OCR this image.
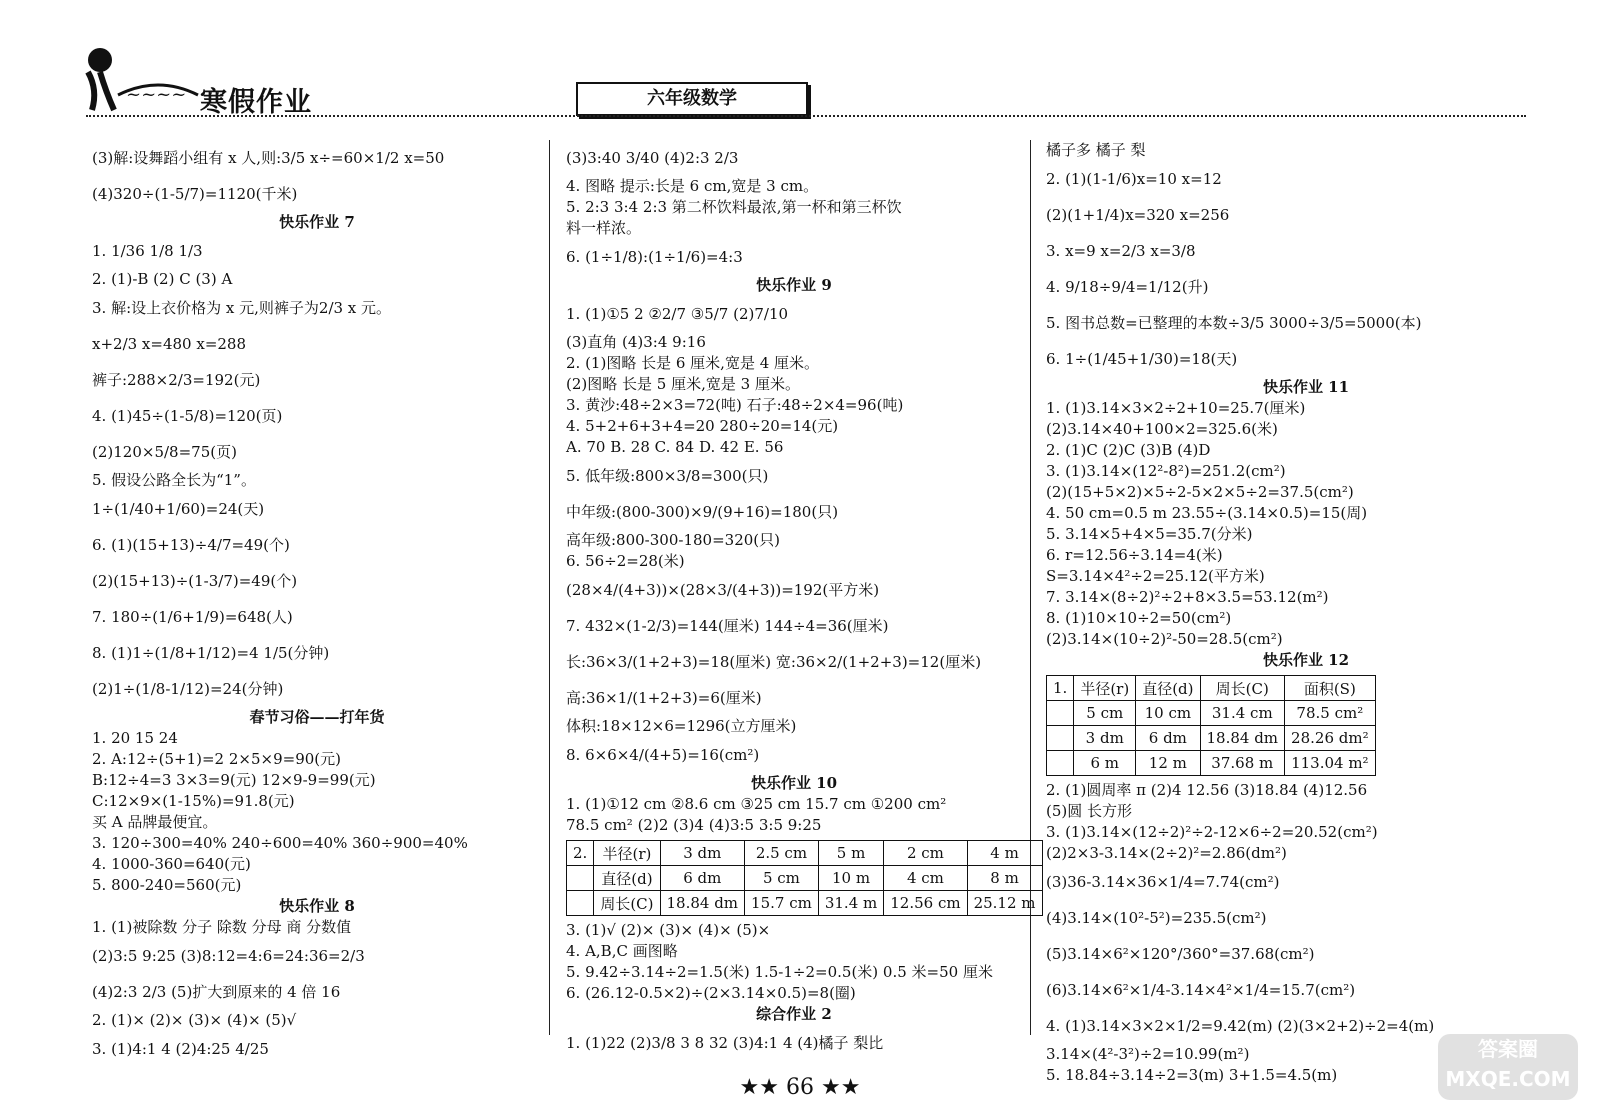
~~~~ 寒假作业	六年级数学
(3)解:设舞蹈小组有 x 人,则:3/5 x÷=60×1/2 x=50
(4)320÷(1-5/7)=1120(千米)
快乐作业 7
1. 1/36 1/8 1/3
2. (1)-B (2) C (3) A
3. 解:设上衣价格为 x 元,则裤子为2/3 x 元。
x+2/3 x=480 x=288
裤子:288×2/3=192(元)
4. (1)45÷(1-5/8)=120(页)
(2)120×5/8=75(页)
5. 假设公路全长为“1”。
1÷(1/40+1/60)=24(天)
6. (1)(15+13)÷4/7=49(个)
(2)(15+13)÷(1-3/7)=49(个)
7. 180÷(1/6+1/9)=648(人)
8. (1)1÷(1/8+1/12)=4 1/5(分钟)
(2)1÷(1/8-1/12)=24(分钟)
春节习俗——打年货
1. 20 15 24
2. A:12÷(5+1)=2 2×5×9=90(元)
B:12÷4=3 3×3=9(元) 12×9-9=99(元)
C:12×9×(1-15%)=91.8(元)
买 A 品牌最便宜。
3. 120÷300=40% 240÷600=40% 360÷900=40%
4. 1000-360=640(元)
5. 800-240=560(元)
快乐作业 8
1. (1)被除数 分子 除数 分母 商 分数值
(2)3:5 9:25 (3)8:12=4:6=24:36=2/3
(4)2:3 2/3 (5)扩大到原来的 4 倍 16
2. (1)× (2)× (3)× (4)× (5)√
3. (1)4:1 4 (2)4:25 4/25
(3)3:40 3/40 (4)2:3 2/3
4. 图略 提示:长是 6 cm,宽是 3 cm。
5. 2:3 3:4 2:3 第二杯饮料最浓,第一杯和第三杯饮
料一样浓。
6. (1÷1/8):(1÷1/6)=4:3
快乐作业 9
1. (1)①5 2 ②2/7 ③5/7 (2)7/10
(3)直角 (4)3:4 9:16
2. (1)图略 长是 6 厘米,宽是 4 厘米。
(2)图略 长是 5 厘米,宽是 3 厘米。
3. 黄沙:48÷2×3=72(吨) 石子:48÷2×4=96(吨)
4. 5+2+6+3+4=20 280÷20=14(元)
A. 70 B. 28 C. 84 D. 42 E. 56
5. 低年级:800×3/8=300(只)
中年级:(800-300)×9/(9+16)=180(只)
高年级:800-300-180=320(只)
6. 56÷2=28(米)
(28×4/(4+3))×(28×3/(4+3))=192(平方米)
7. 432×(1-2/3)=144(厘米) 144÷4=36(厘米)
长:36×3/(1+2+3)=18(厘米) 宽:36×2/(1+2+3)=12(厘米)
高:36×1/(1+2+3)=6(厘米)
体积:18×12×6=1296(立方厘米)
8. 6×6×4/(4+5)=16(cm²)
快乐作业 10
1. (1)①12 cm ②8.6 cm ③25 cm 15.7 cm ①200 cm²
78.5 cm² (2)2 (3)4 (4)3:5 3:5 9:25
2.	半径(r)	3 dm	2.5 cm	5 m	2 cm	4 m
	直径(d)	6 dm	5 cm	10 m	4 cm	8 m
	周长(C)	18.84 dm	15.7 cm	31.4 m	12.56 cm	25.12 m
3. (1)√ (2)× (3)× (4)× (5)×
4. A,B,C 画图略
5. 9.42÷3.14÷2=1.5(米) 1.5-1÷2=0.5(米) 0.5 米=50 厘米
6. (26.12-0.5×2)÷(2×3.14×0.5)=8(圈)
综合作业 2
1. (1)22 (2)3/8 3 8 32 (3)4:1 4 (4)橘子 梨比
橘子多 橘子 梨
2. (1)(1-1/6)x=10 x=12
(2)(1+1/4)x=320 x=256
3. x=9 x=2/3 x=3/8
4. 9/18÷9/4=1/12(升)
5. 图书总数=已整理的本数÷3/5 3000÷3/5=5000(本)
6. 1÷(1/45+1/30)=18(天)
快乐作业 11
1. (1)3.14×3×2÷2+10=25.7(厘米)
(2)3.14×40+100×2=325.6(米)
2. (1)C (2)C (3)B (4)D
3. (1)3.14×(12²-8²)=251.2(cm²)
(2)(15+5×2)×5÷2-5×2×5÷2=37.5(cm²)
4. 50 cm=0.5 m 23.55÷(3.14×0.5)=15(周)
5. 3.14×5+4×5=35.7(分米)
6. r=12.56÷3.14=4(米)
S=3.14×4²÷2=25.12(平方米)
7. 3.14×(8÷2)²÷2+8×3.5=53.12(m²)
8. (1)10×10÷2=50(cm²)
(2)3.14×(10÷2)²-50=28.5(cm²)
快乐作业 12
1.	半径(r)	直径(d)	周长(C)	面积(S)
	5 cm	10 cm	31.4 cm	78.5 cm²
	3 dm	6 dm	18.84 dm	28.26 dm²
	6 m	12 m	37.68 m	113.04 m²
2. (1)圆周率 π (2)4 12.56 (3)18.84 (4)12.56
(5)圆 长方形
3. (1)3.14×(12÷2)²÷2-12×6÷2=20.52(cm²)
(2)2×3-3.14×(2÷2)²=2.86(dm²)
(3)36-3.14×36×1/4=7.74(cm²)
(4)3.14×(10²-5²)=235.5(cm²)
(5)3.14×6²×120°/360°=37.68(cm²)
(6)3.14×6²×1/4-3.14×4²×1/4=15.7(cm²)
4. (1)3.14×3×2×1/2=9.42(m) (2)(3×2+2)÷2=4(m)
3.14×(4²-3²)÷2=10.99(m²)
5. 18.84÷3.14÷2=3(m) 3+1.5=4.5(m)
★★ 66 ★★
答案圈
MXQE.COM
